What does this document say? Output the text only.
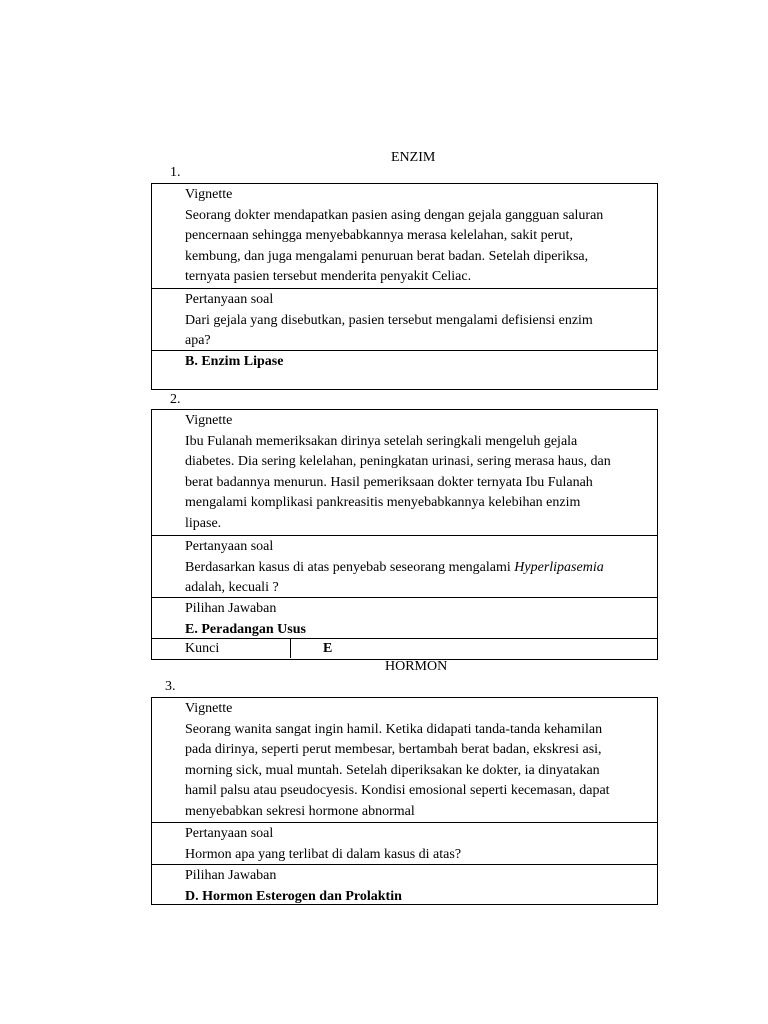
ENZIM
1.
Vignette
Seorang dokter mendapatkan pasien asing dengan gejala gangguan saluran
pencernaan sehingga menyebabkannya merasa kelelahan, sakit perut,
kembung, dan juga mengalami penuruan berat badan. Setelah diperiksa,
ternyata pasien tersebut menderita penyakit Celiac.
Pertanyaan soal
Dari gejala yang disebutkan, pasien tersebut mengalami defisiensi enzim
apa?
B. Enzim Lipase
2.
Vignette
Ibu Fulanah memeriksakan dirinya setelah seringkali mengeluh gejala
diabetes. Dia sering kelelahan, peningkatan urinasi, sering merasa haus, dan
berat badannya menurun. Hasil pemeriksaan dokter ternyata Ibu Fulanah
mengalami komplikasi pankreasitis menyebabkannya kelebihan enzim
lipase.
Pertanyaan soal
Berdasarkan kasus di atas penyebab seseorang mengalami Hyperlipasemia
adalah, kecuali ?
Pilihan Jawaban
E. Peradangan Usus
Kunci	E
HORMON
3.
Vignette
Seorang wanita sangat ingin hamil. Ketika didapati tanda-tanda kehamilan
pada dirinya, seperti perut membesar, bertambah berat badan, ekskresi asi,
morning sick, mual muntah. Setelah diperiksakan ke dokter, ia dinyatakan
hamil palsu atau pseudocyesis. Kondisi emosional seperti kecemasan, dapat
menyebabkan sekresi hormone abnormal
Pertanyaan soal
Hormon apa yang terlibat di dalam kasus di atas?
Pilihan Jawaban
D. Hormon Esterogen dan Prolaktin
